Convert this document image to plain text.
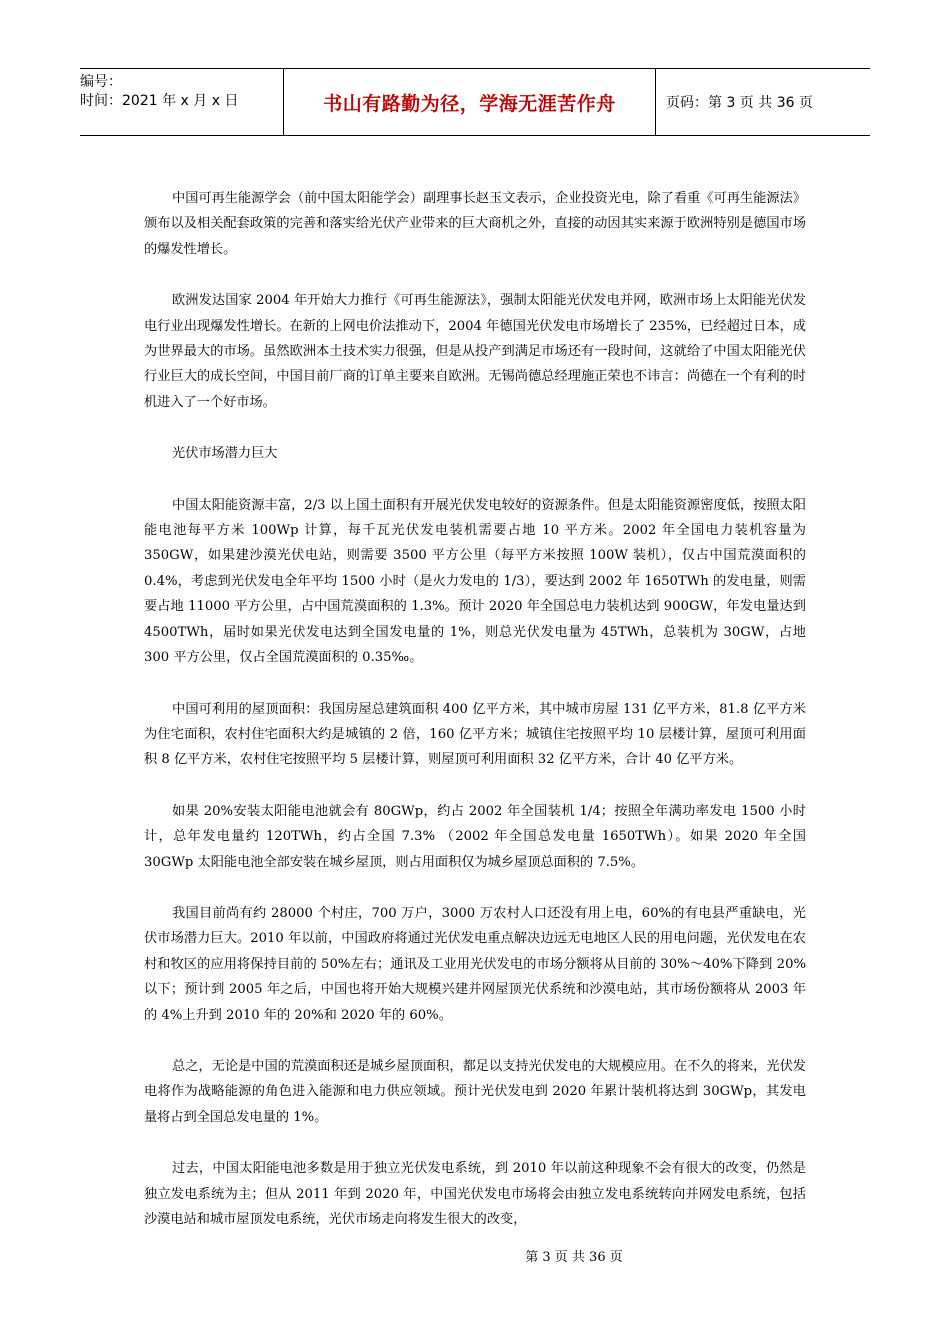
编号：
时间：2021 年 x 月 x 日	书山有路勤为径，学海无涯苦作舟	页码：第 3 页 共 36 页

中国可再生能源学会（前中国太阳能学会）副理事长赵玉文表示，企业投资光电，除了看重《可再生能源法》颁布以及相关配套政策的完善和落实给光伏产业带来的巨大商机之外，直接的动因其实来源于欧洲特别是德国市场的爆发性增长。

欧洲发达国家 2004 年开始大力推行《可再生能源法》，强制太阳能光伏发电并网，欧洲市场上太阳能光伏发电行业出现爆发性增长。在新的上网电价法推动下，2004 年德国光伏发电市场增长了 235%，已经超过日本，成为世界最大的市场。虽然欧洲本土技术实力很强，但是从投产到满足市场还有一段时间，这就给了中国太阳能光伏行业巨大的成长空间，中国目前厂商的订单主要来自欧洲。无锡尚德总经理施正荣也不讳言：尚德在一个有利的时机进入了一个好市场。

光伏市场潜力巨大

中国太阳能资源丰富，2/3 以上国土面积有开展光伏发电较好的资源条件。但是太阳能资源密度低，按照太阳能电池每平方米 100Wp 计算，每千瓦光伏发电装机需要占地 10 平方米。2002 年全国电力装机容量为 350GW，如果建沙漠光伏电站，则需要 3500 平方公里（每平方米按照 100W 装机），仅占中国荒漠面积的 0.4%，考虑到光伏发电全年平均 1500 小时（是火力发电的 1/3），要达到 2002 年 1650TWh 的发电量，则需要占地 11000 平方公里，占中国荒漠面积的 1.3%。预计 2020 年全国总电力装机达到 900GW，年发电量达到 4500TWh，届时如果光伏发电达到全国发电量的 1%，则总光伏发电量为 45TWh，总装机为 30GW，占地 300 平方公里，仅占全国荒漠面积的 0.35‰。

中国可利用的屋顶面积：我国房屋总建筑面积 400 亿平方米，其中城市房屋 131 亿平方米，81.8 亿平方米为住宅面积，农村住宅面积大约是城镇的 2 倍，160 亿平方米；城镇住宅按照平均 10 层楼计算，屋顶可利用面积 8 亿平方米，农村住宅按照平均 5 层楼计算，则屋顶可利用面积 32 亿平方米，合计 40 亿平方米。

如果 20%安装太阳能电池就会有 80GWp，约占 2002 年全国装机 1/4；按照全年满功率发电 1500 小时计，总年发电量约 120TWh，约占全国 7.3% （2002 年全国总发电量 1650TWh）。如果 2020 年全国 30GWp 太阳能电池全部安装在城乡屋顶，则占用面积仅为城乡屋顶总面积的 7.5%。

我国目前尚有约 28000 个村庄，700 万户，3000 万农村人口还没有用上电，60%的有电县严重缺电，光伏市场潜力巨大。2010 年以前，中国政府将通过光伏发电重点解决边远无电地区人民的用电问题，光伏发电在农村和牧区的应用将保持目前的 50%左右；通讯及工业用光伏发电的市场分额将从目前的 30%～40%下降到 20%以下；预计到 2005 年之后，中国也将开始大规模兴建并网屋顶光伏系统和沙漠电站，其市场份额将从 2003 年的 4%上升到 2010 年的 20%和 2020 年的 60%。

总之，无论是中国的荒漠面积还是城乡屋顶面积，都足以支持光伏发电的大规模应用。在不久的将来，光伏发电将作为战略能源的角色进入能源和电力供应领域。预计光伏发电到 2020 年累计装机将达到 30GWp，其发电量将占到全国总发电量的 1%。

过去，中国太阳能电池多数是用于独立光伏发电系统，到 2010 年以前这种现象不会有很大的改变，仍然是独立发电系统为主；但从 2011 年到 2020 年，中国光伏发电市场将会由独立发电系统转向并网发电系统，包括沙漠电站和城市屋顶发电系统，光伏市场走向将发生很大的改变，

第 3 页 共 36 页
